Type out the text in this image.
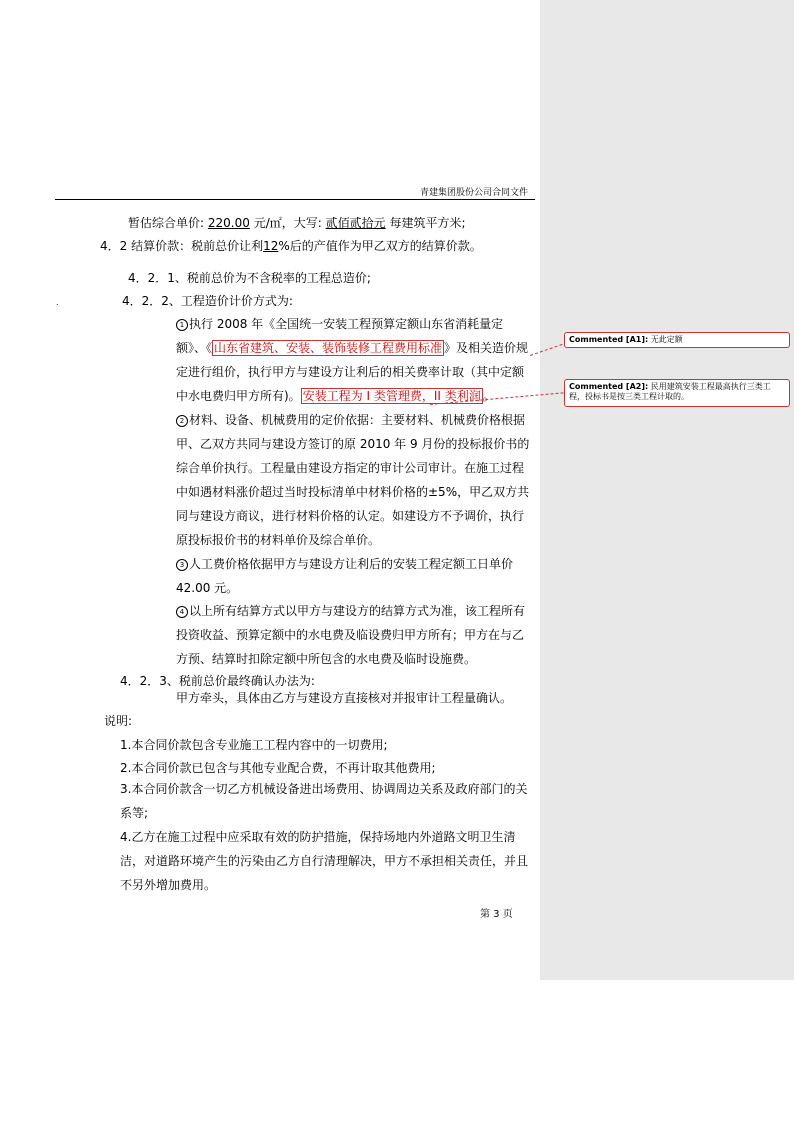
青建集团股份公司合同文件
暂估综合单价: 220.00 元/㎡，大写: 贰佰贰拾元 每建筑平方米;
4．2 结算价款：税前总价让利12%后的产值作为甲乙双方的结算价款。
4．2．1、税前总价为不含税率的工程总造价;
.	4．2．2、工程造价计价方式为:
1 执行 2008 年《全国统一安装工程预算定额山东省消耗量定额》、《 山东省建筑、安装、装饰装修工程费用标准 》及相关造价规定进行组价，执行甲方与建设方让利后的相关费率计取（其中定额中水电费归甲方所有)。 安装工程为 I 类管理费，II 类利润 。
2 材料、设备、机械费用的定价依据：主要材料、机械费价格根据甲、乙双方共同与建设方签订的原 2010 年 9 月份的投标报价书的综合单价执行。工程量由建设方指定的审计公司审计。在施工过程中如遇材料涨价超过当时投标清单中材料价格的±5%，甲乙双方共同与建设方商议，进行材料价格的认定。如建设方不予调价，执行原投标报价书的材料单价及综合单价。
3 人工费价格依据甲方与建设方让利后的安装工程定额工日单价 42.00 元。
4 以上所有结算方式以甲方与建设方的结算方式为准，该工程所有投资收益、预算定额中的水电费及临设费归甲方所有；甲方在与乙方预、结算时扣除定额中所包含的水电费及临时设施费。
4．2．3、税前总价最终确认办法为:
甲方牵头，具体由乙方与建设方直接核对并报审计工程量确认。
说明:
1.本合同价款包含专业施工工程内容中的一切费用;
2.本合同价款已包含与其他专业配合费，不再计取其他费用;
3.本合同价款含一切乙方机械设备进出场费用、协调周边关系及政府部门的关系等;
4.乙方在施工过程中应采取有效的防护措施，保持场地内外道路文明卫生清洁，对道路环境产生的污染由乙方自行清理解决，甲方不承担相关责任，并且不另外增加费用。
第 3 页
Commented [A1]: 无此定额
Commented [A2]: 民用建筑安装工程最高执行三类工程，投标书是按三类工程计取的。
